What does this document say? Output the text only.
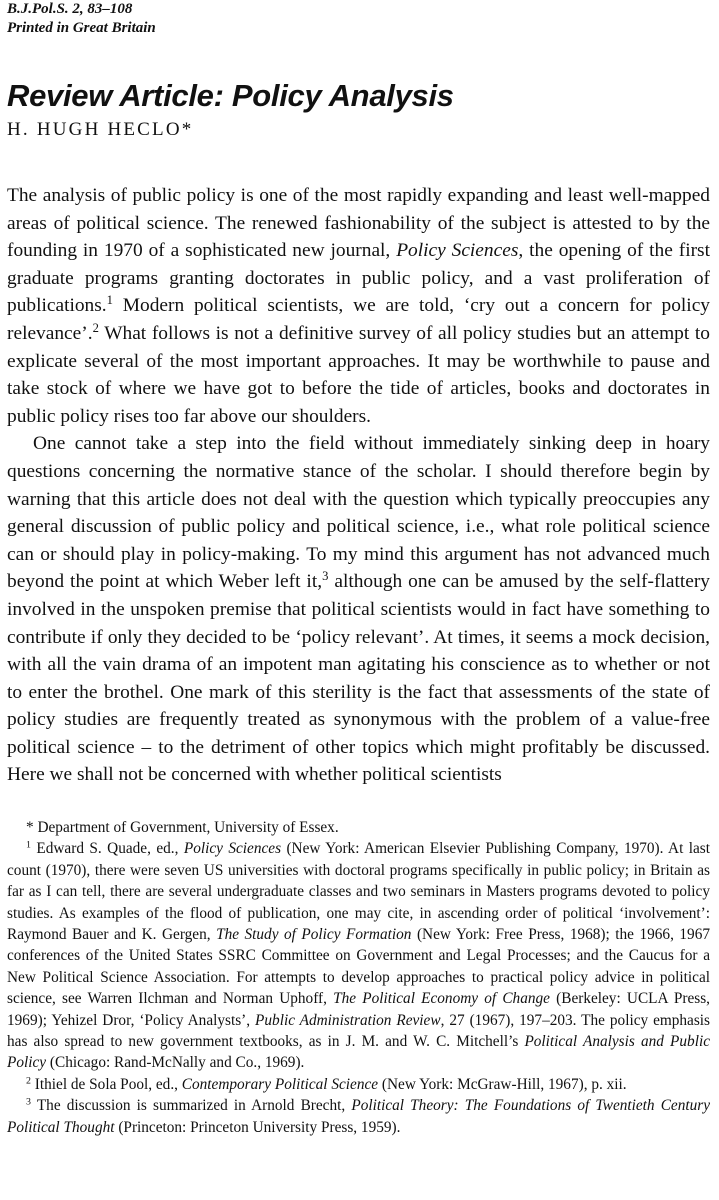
B.J.Pol.S. 2, 83–108
Printed in Great Britain
Review Article: Policy Analysis
H. HUGH HECLO*

The analysis of public policy is one of the most rapidly expanding and least well-mapped areas of political science. The renewed fashionability of the subject is attested to by the founding in 1970 of a sophisticated new journal, Policy Sciences, the opening of the first graduate programs granting doctorates in public policy, and a vast proliferation of publications.$^1$ Modern political scientists, we are told, ‘cry out a concern for policy relevance’.$^2$ What follows is not a definitive survey of all policy studies but an attempt to explicate several of the most important approaches. It may be worthwhile to pause and take stock of where we have got to before the tide of articles, books and doctorates in public policy rises too far above our shoulders.

One cannot take a step into the field without immediately sinking deep in hoary questions concerning the normative stance of the scholar. I should therefore begin by warning that this article does not deal with the question which typically preoccupies any general discussion of public policy and political science, i.e., what role political science can or should play in policy-making. To my mind this argument has not advanced much beyond the point at which Weber left it,$^3$ although one can be amused by the self-flattery involved in the unspoken premise that political scientists would in fact have something to contribute if only they decided to be ‘policy relevant’. At times, it seems a mock decision, with all the vain drama of an impotent man agitating his conscience as to whether or not to enter the brothel. One mark of this sterility is the fact that assessments of the state of policy studies are frequently treated as synonymous with the problem of a value-free political science – to the detriment of other topics which might profitably be discussed. Here we shall not be concerned with whether political scientists

* Department of Government, University of Essex.

$^1$ Edward S. Quade, ed., Policy Sciences (New York: American Elsevier Publishing Company, 1970). At last count (1970), there were seven US universities with doctoral programs specifically in public policy; in Britain as far as I can tell, there are several undergraduate classes and two seminars in Masters programs devoted to policy studies. As examples of the flood of publication, one may cite, in ascending order of political ‘involvement’: Raymond Bauer and K. Gergen, The Study of Policy Formation (New York: Free Press, 1968); the 1966, 1967 conferences of the United States SSRC Committee on Government and Legal Processes; and the Caucus for a New Political Science Association. For attempts to develop approaches to practical policy advice in political science, see Warren Ilchman and Norman Uphoff, The Political Economy of Change (Berkeley: UCLA Press, 1969); Yehizel Dror, ‘Policy Analysts’, Public Administration Review, 27 (1967), 197–203. The policy emphasis has also spread to new government textbooks, as in J. M. and W. C. Mitchell’s Political Analysis and Public Policy (Chicago: Rand-McNally and Co., 1969).

$^2$ Ithiel de Sola Pool, ed., Contemporary Political Science (New York: McGraw-Hill, 1967), p. xii.

$^3$ The discussion is summarized in Arnold Brecht, Political Theory: The Foundations of Twentieth Century Political Thought (Princeton: Princeton University Press, 1959).
